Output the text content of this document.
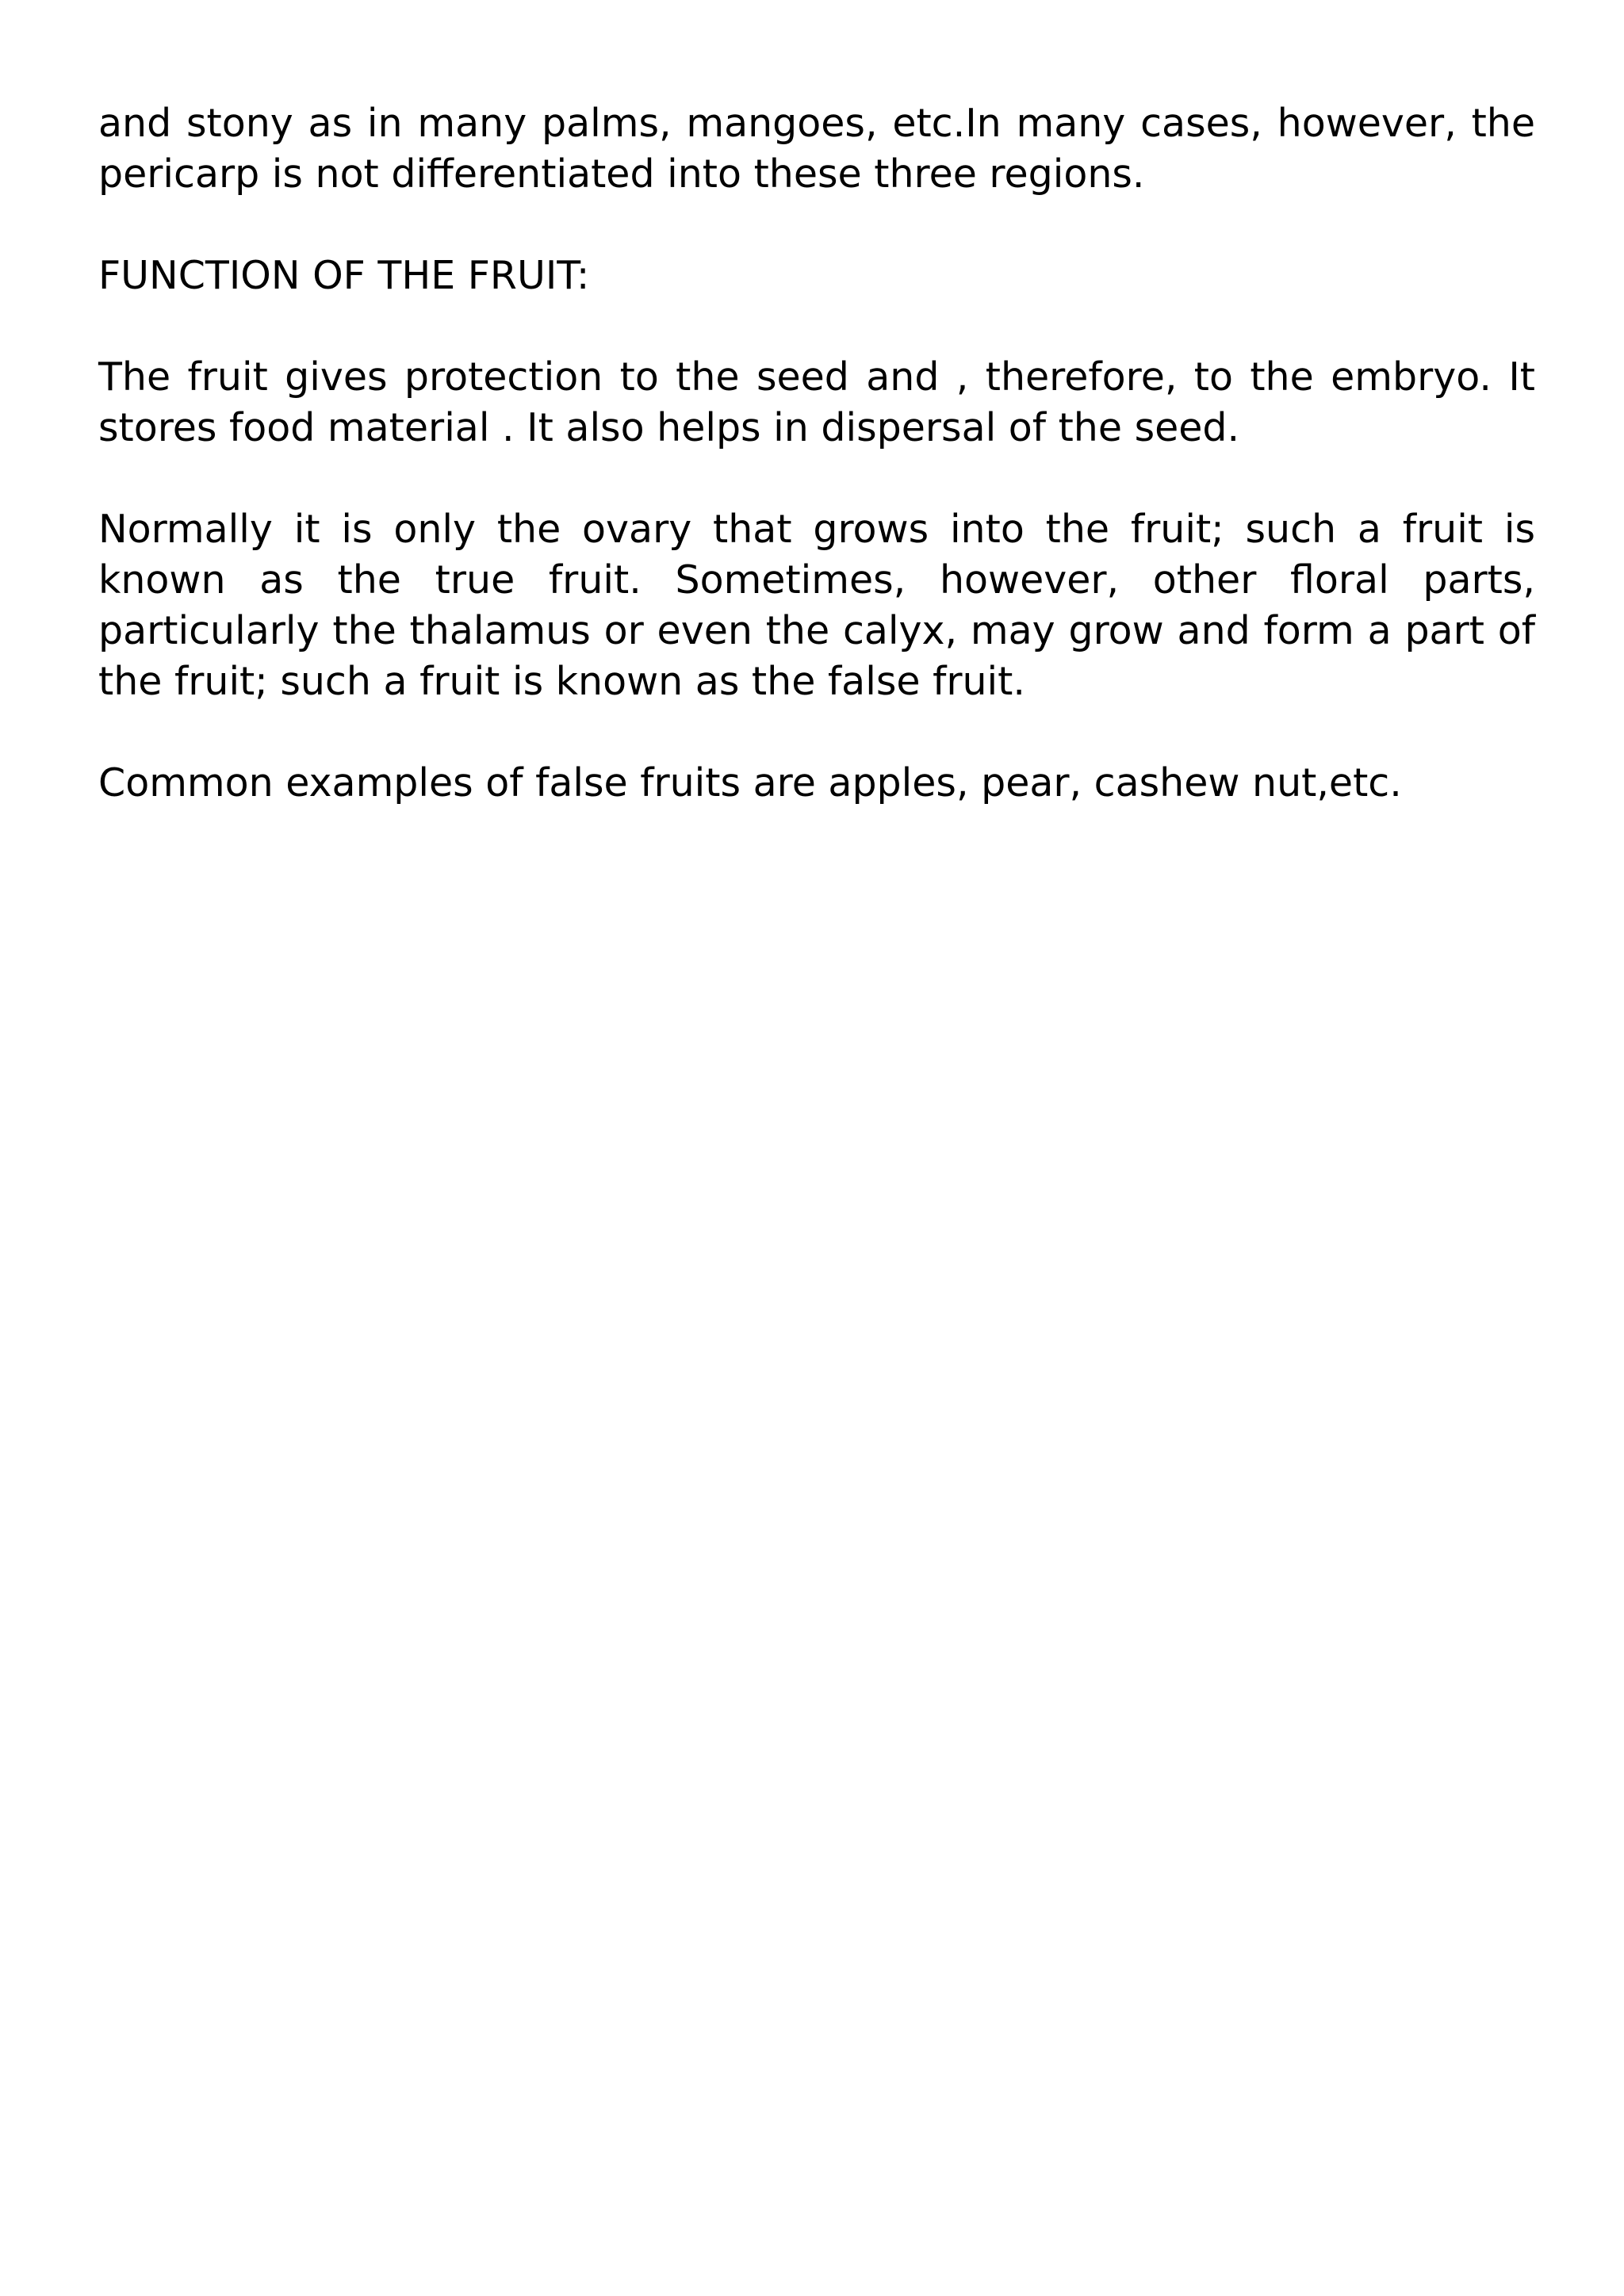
and stony as in many palms, mangoes, etc.In many cases, however, the pericarp is not differentiated into these three regions.

FUNCTION OF THE FRUIT:

The fruit gives protection to the seed and , therefore, to the embryo. It stores food material . It also helps in dispersal of the seed.

Normally it is only the ovary that grows into the fruit; such a fruit is known as the true fruit. Sometimes, however, other floral parts, particularly the thalamus or even the calyx, may grow and form a part of the fruit; such a fruit is known as the false fruit.

Common examples of false fruits are apples, pear, cashew nut,etc.
